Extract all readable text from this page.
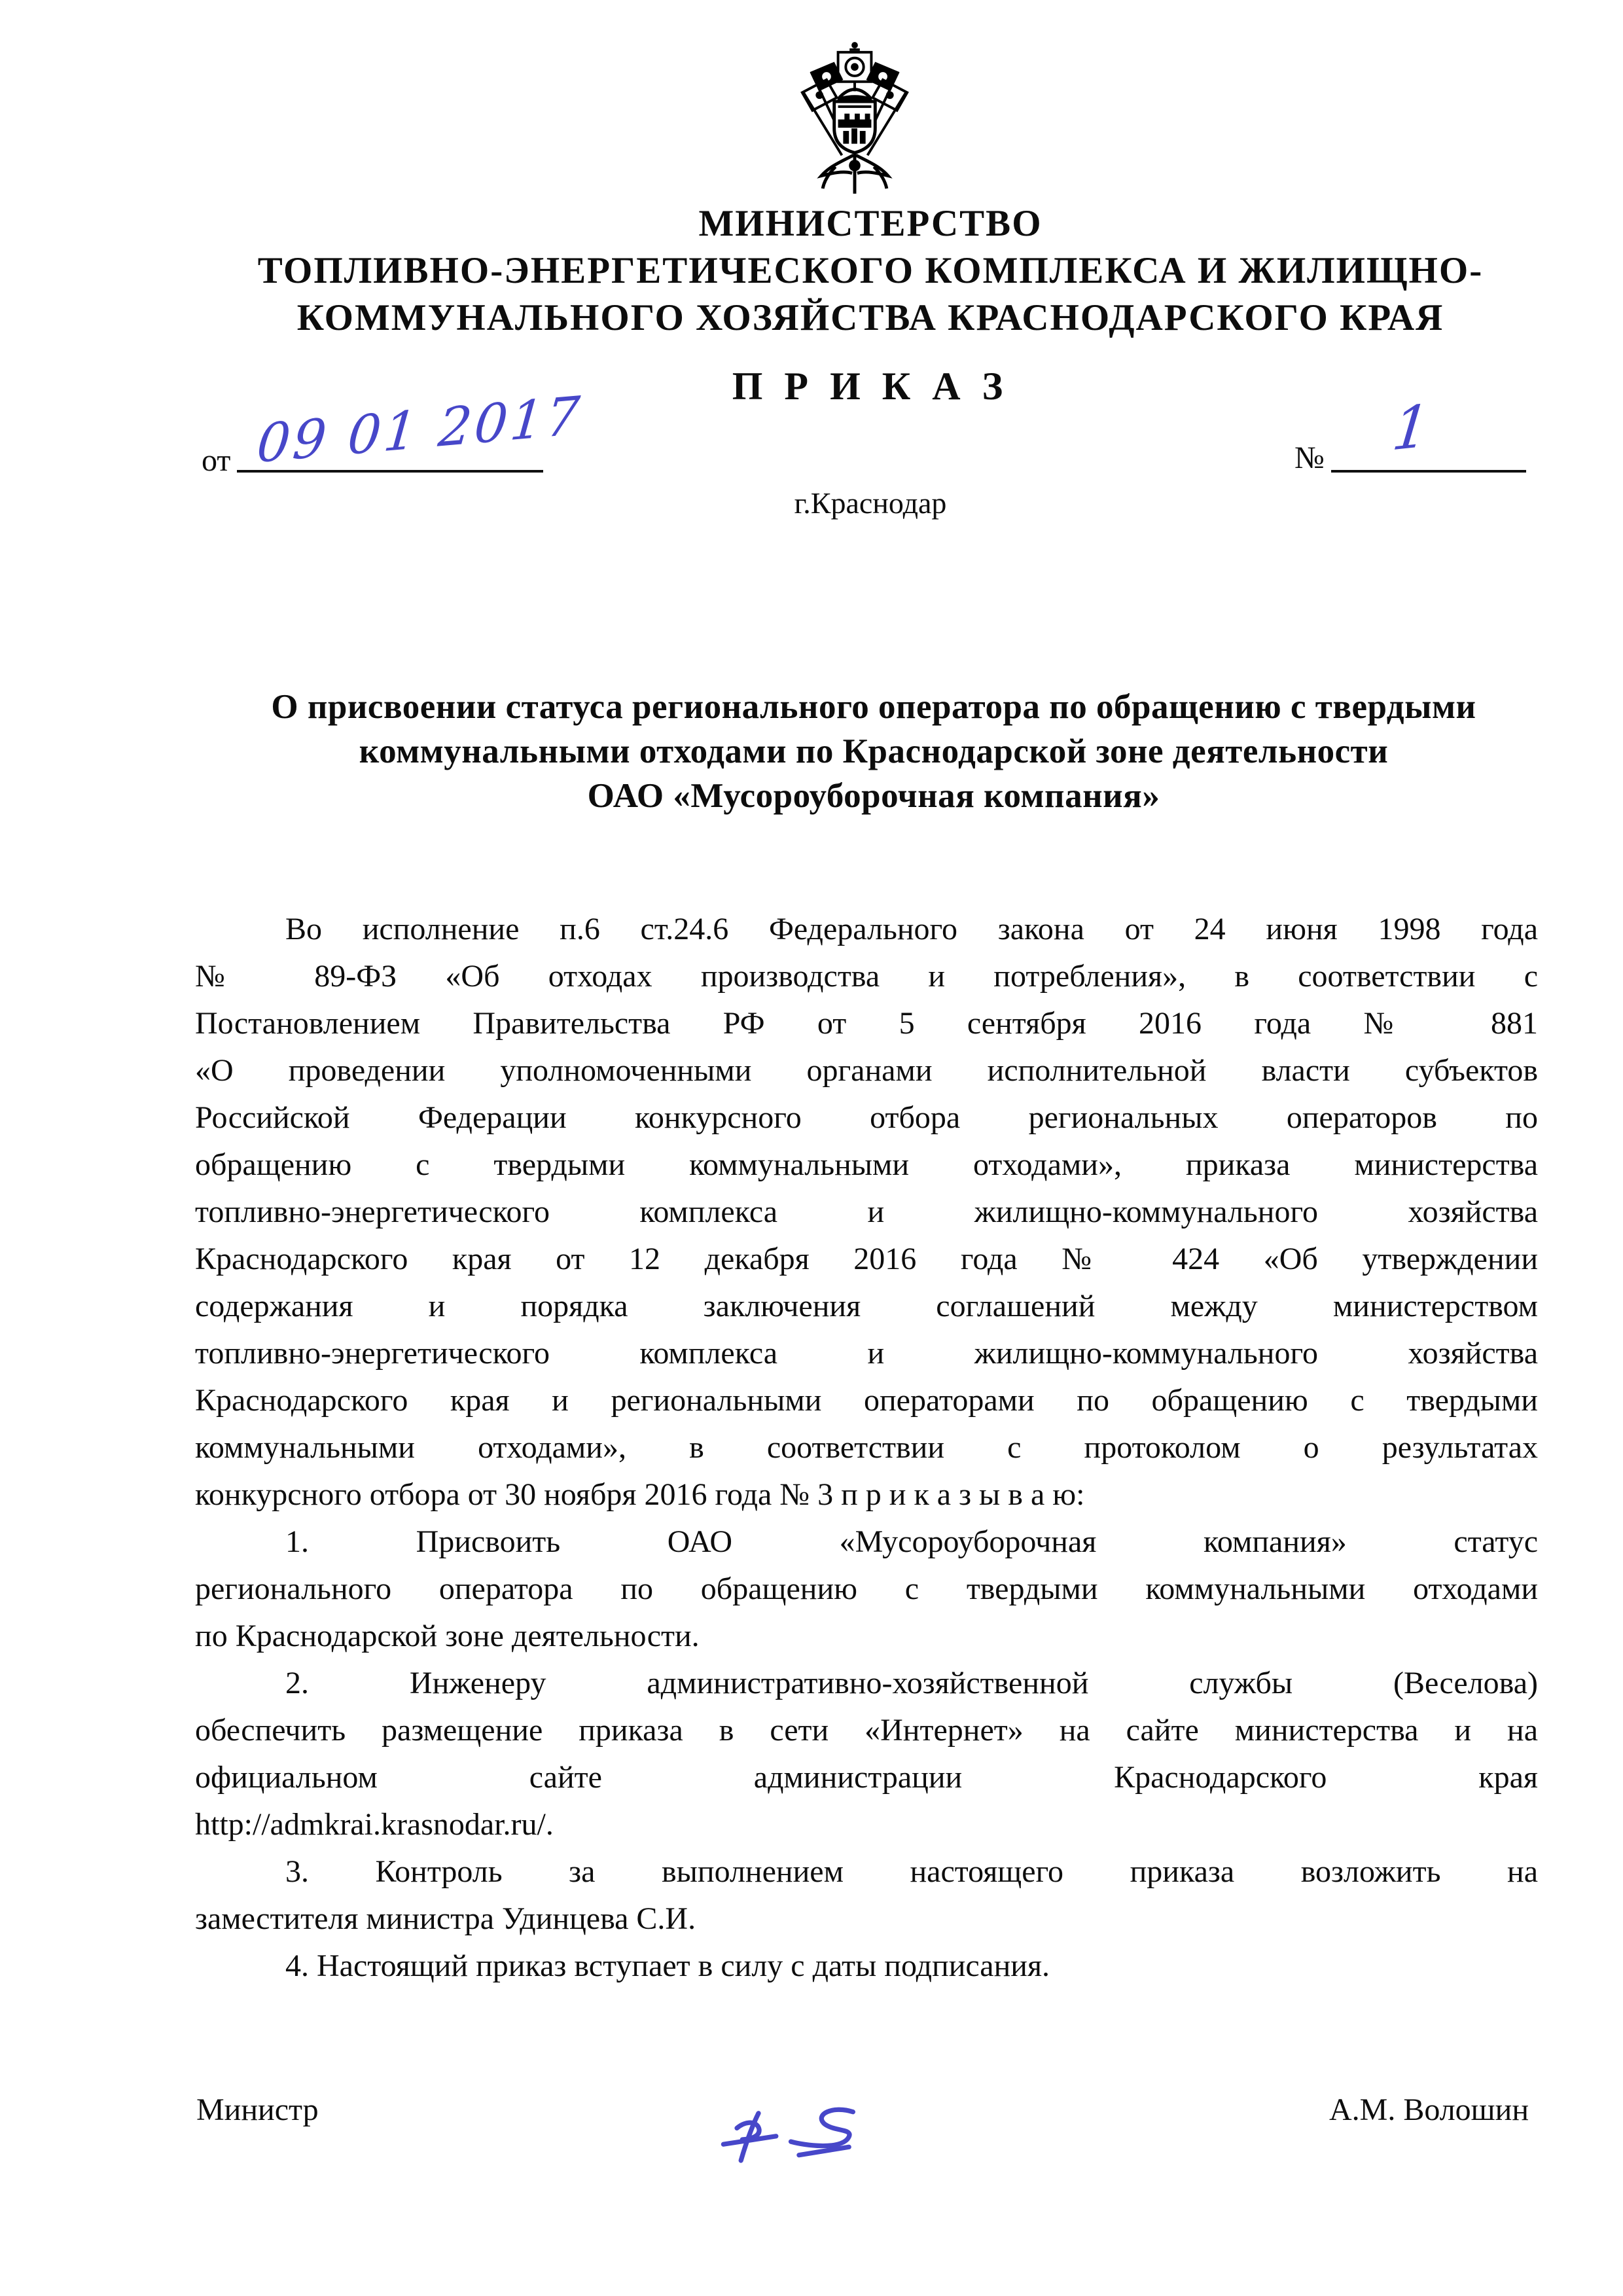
МИНИСТЕРСТВО
ТОПЛИВНО-ЭНЕРГЕТИЧЕСКОГО КОМПЛЕКСА И ЖИЛИЩНО-
КОММУНАЛЬНОГО ХОЗЯЙСТВА КРАСНОДАРСКОГО КРАЯ
П Р И К А З
от 09 01 2017	№ 1
г.Краснодар
О присвоении статуса регионального оператора по обращению с твердыми
коммунальными отходами по Краснодарской зоне деятельности
ОАО «Мусороуборочная компания»
Во исполнение п.6 ст.24.6 Федерального закона от 24 июня 1998 года
№ 89-ФЗ «Об отходах производства и потребления», в соответствии с
Постановлением Правительства РФ от 5 сентября 2016 года № 881
«О проведении уполномоченными органами исполнительной власти субъектов
Российской Федерации конкурсного отбора региональных операторов по
обращению с твердыми коммунальными отходами», приказа министерства
топливно-энергетического комплекса и жилищно-коммунального хозяйства
Краснодарского края от 12 декабря 2016 года № 424 «Об утверждении
содержания и порядка заключения соглашений между министерством
топливно-энергетического комплекса и жилищно-коммунального хозяйства
Краснодарского края и региональными операторами по обращению с твердыми
коммунальными отходами», в соответствии с протоколом о результатах
конкурсного отбора от 30 ноября 2016 года № 3 п р и к а з ы в а ю:
1. Присвоить ОАО «Мусороуборочная компания» статус
регионального оператора по обращению с твердыми коммунальными отходами
по Краснодарской зоне деятельности.
2. Инженеру административно-хозяйственной службы (Веселова)
обеспечить размещение приказа в сети «Интернет» на сайте министерства и на
официальном сайте администрации Краснодарского края
http://admkrai.krasnodar.ru/.
3. Контроль за выполнением настоящего приказа возложить на
заместителя министра Удинцева С.И.
4. Настоящий приказ вступает в силу с даты подписания.
Министр	А.М. Волошин
